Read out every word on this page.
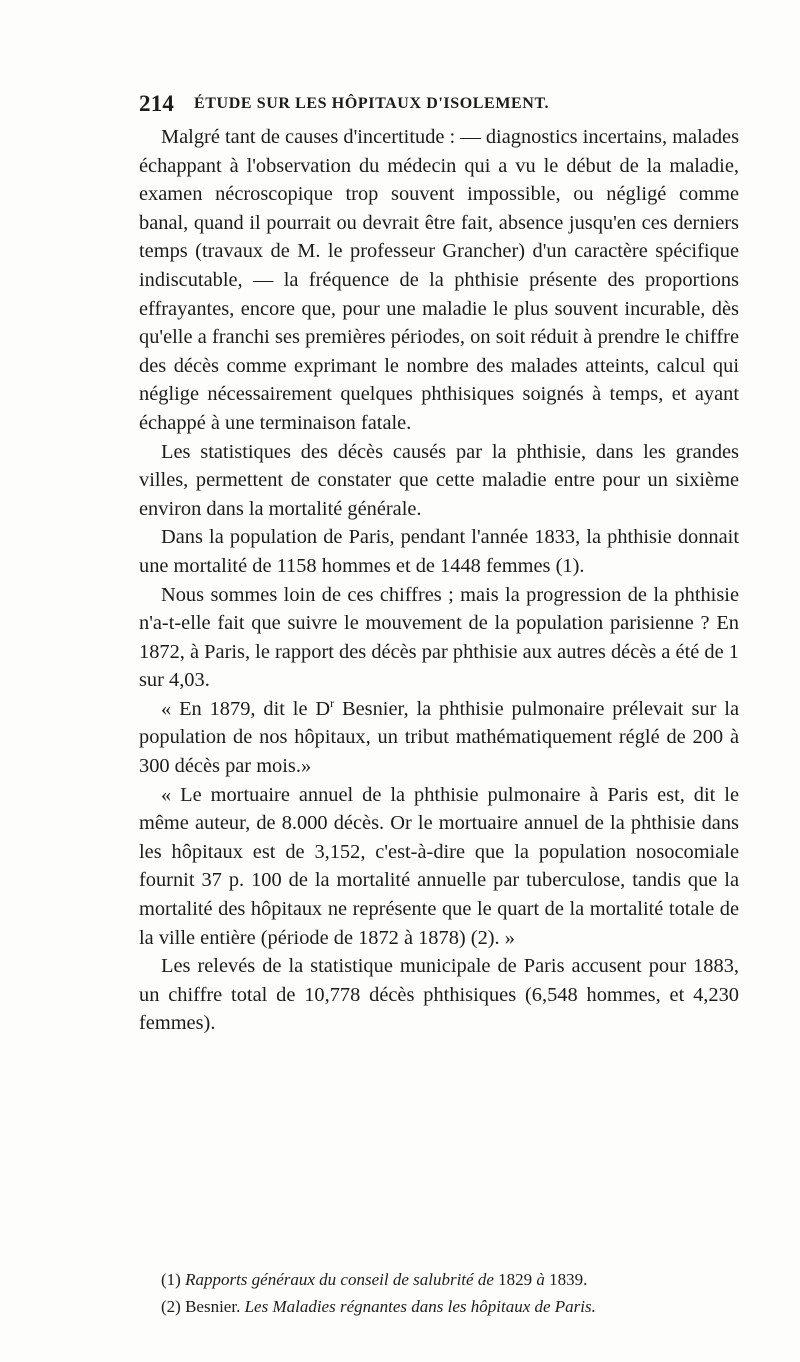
214 ÉTUDE SUR LES HÔPITAUX D'ISOLEMENT.

Malgré tant de causes d'incertitude : — diagnostics incertains, malades échappant à l'observation du médecin qui a vu le début de la maladie, examen nécroscopique trop souvent impossible, ou négligé comme banal, quand il pourrait ou devrait être fait, absence jusqu'en ces derniers temps (travaux de M. le professeur Grancher) d'un caractère spécifique indiscutable, — la fréquence de la phthisie présente des proportions effrayantes, encore que, pour une maladie le plus souvent incurable, dès qu'elle a franchi ses premières périodes, on soit réduit à prendre le chiffre des décès comme exprimant le nombre des malades atteints, calcul qui néglige nécessairement quelques phthisiques soignés à temps, et ayant échappé à une terminaison fatale.

Les statistiques des décès causés par la phthisie, dans les grandes villes, permettent de constater que cette maladie entre pour un sixième environ dans la mortalité générale.

Dans la population de Paris, pendant l'année 1833, la phthisie donnait une mortalité de 1158 hommes et de 1448 femmes (1).

Nous sommes loin de ces chiffres ; mais la progression de la phthisie n'a-t-elle fait que suivre le mouvement de la population parisienne ? En 1872, à Paris, le rapport des décès par phthisie aux autres décès a été de 1 sur 4,03.

« En 1879, dit le $D^r$ Besnier, la phthisie pulmonaire prélevait sur la population de nos hôpitaux, un tribut mathématiquement réglé de 200 à 300 décès par mois.»

« Le mortuaire annuel de la phthisie pulmonaire à Paris est, dit le même auteur, de 8.000 décès. Or le mortuaire annuel de la phthisie dans les hôpitaux est de 3,152, c'est-à-dire que la population nosocomiale fournit 37 p. 100 de la mortalité annuelle par tuberculose, tandis que la mortalité des hôpitaux ne représente que le quart de la mortalité totale de la ville entière (période de 1872 à 1878) (2). »

Les relevés de la statistique municipale de Paris accusent pour 1883, un chiffre total de 10,778 décès phthisiques (6,548 hommes, et 4,230 femmes).

(1) Rapports généraux du conseil de salubrité de 1829 à 1839.

(2) Besnier. Les Maladies régnantes dans les hôpitaux de Paris.
